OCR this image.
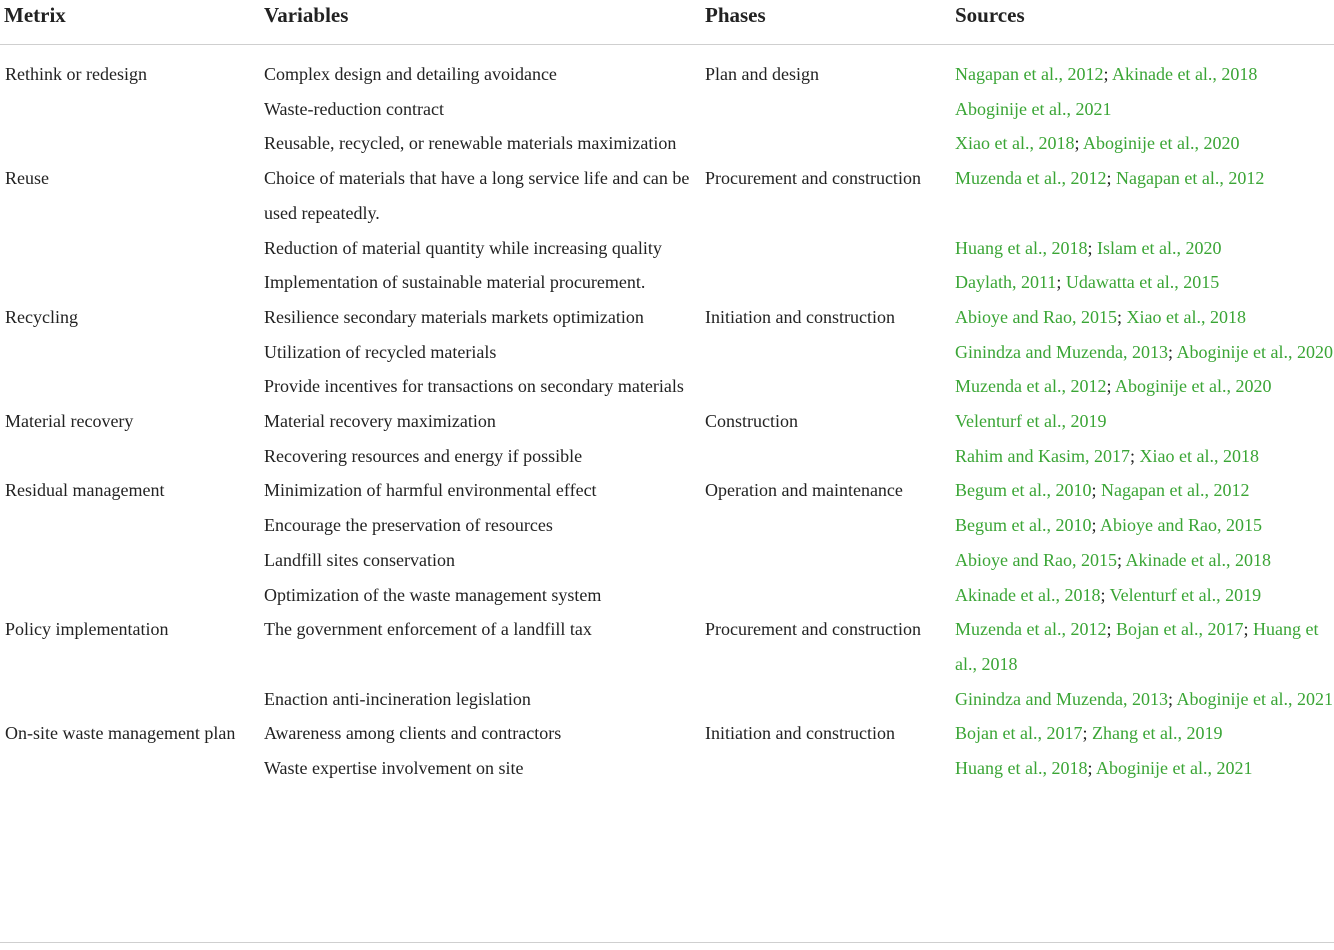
Metrix	Variables	Phases	Sources
Rethink or redesign	Complex design and detailing avoidance	Plan and design	Nagapan et al., 2012; Akinade et al., 2018
	Waste-reduction contract		Aboginije et al., 2021
	Reusable, recycled, or renewable materials maximization		Xiao et al., 2018; Aboginije et al., 2020
Reuse	Choice of materials that have a long service life and can be used repeatedly.	Procurement and construction	Muzenda et al., 2012; Nagapan et al., 2012
	Reduction of material quantity while increasing quality		Huang et al., 2018; Islam et al., 2020
	Implementation of sustainable material procurement.		Daylath, 2011; Udawatta et al., 2015
Recycling	Resilience secondary materials markets optimization	Initiation and construction	Abioye and Rao, 2015; Xiao et al., 2018
	Utilization of recycled materials		Ginindza and Muzenda, 2013; Aboginije et al., 2020
	Provide incentives for transactions on secondary materials		Muzenda et al., 2012; Aboginije et al., 2020
Material recovery	Material recovery maximization	Construction	Velenturf et al., 2019
	Recovering resources and energy if possible		Rahim and Kasim, 2017; Xiao et al., 2018
Residual management	Minimization of harmful environmental effect	Operation and maintenance	Begum et al., 2010; Nagapan et al., 2012
	Encourage the preservation of resources		Begum et al., 2010; Abioye and Rao, 2015
	Landfill sites conservation		Abioye and Rao, 2015; Akinade et al., 2018
	Optimization of the waste management system		Akinade et al., 2018; Velenturf et al., 2019
Policy implementation	The government enforcement of a landfill tax	Procurement and construction	Muzenda et al., 2012; Bojan et al., 2017; Huang et al., 2018
	Enaction anti-incineration legislation		Ginindza and Muzenda, 2013; Aboginije et al., 2021
On-site waste management plan	Awareness among clients and contractors	Initiation and construction	Bojan et al., 2017; Zhang et al., 2019
	Waste expertise involvement on site		Huang et al., 2018; Aboginije et al., 2021
